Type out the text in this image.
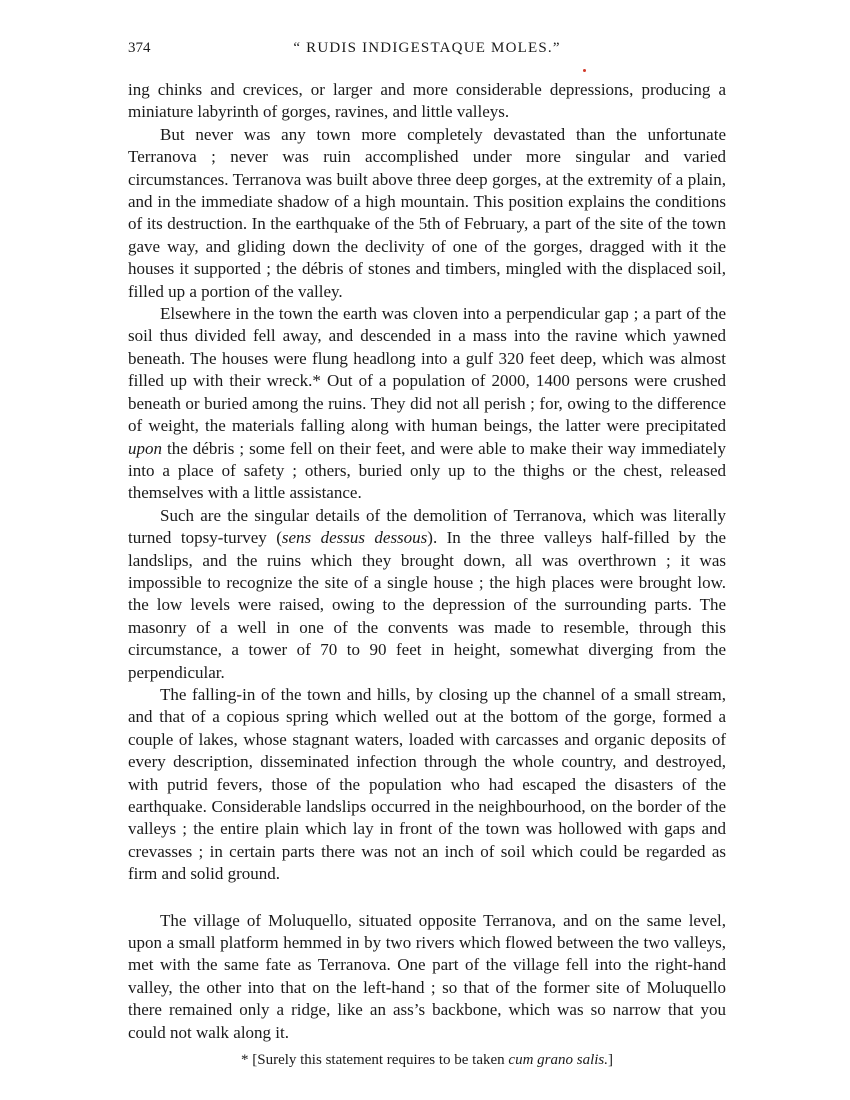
374	“ RUDIS INDIGESTAQUE MOLES.”

ing chinks and crevices, or larger and more considerable depressions, producing a miniature labyrinth of gorges, ravines, and little valleys.

But never was any town more completely devastated than the unfortunate Terranova ; never was ruin accomplished under more singular and varied circumstances. Terranova was built above three deep gorges, at the extremity of a plain, and in the immediate shadow of a high mountain. This position explains the conditions of its destruction. In the earthquake of the 5th of February, a part of the site of the town gave way, and gliding down the declivity of one of the gorges, dragged with it the houses it supported ; the débris of stones and timbers, mingled with the displaced soil, filled up a portion of the valley.

Elsewhere in the town the earth was cloven into a perpendicular gap ; a part of the soil thus divided fell away, and descended in a mass into the ravine which yawned beneath. The houses were flung headlong into a gulf 320 feet deep, which was almost filled up with their wreck.* Out of a population of 2000, 1400 persons were crushed beneath or buried among the ruins. They did not all perish ; for, owing to the difference of weight, the materials falling along with human beings, the latter were precipitated upon the débris ; some fell on their feet, and were able to make their way immediately into a place of safety ; others, buried only up to the thighs or the chest, released themselves with a little assistance.

Such are the singular details of the demolition of Terranova, which was literally turned topsy-turvey (sens dessus dessous). In the three valleys half-filled by the landslips, and the ruins which they brought down, all was overthrown ; it was impossible to recognize the site of a single house ; the high places were brought low. the low levels were raised, owing to the depression of the surrounding parts. The masonry of a well in one of the convents was made to resemble, through this circumstance, a tower of 70 to 90 feet in height, somewhat diverging from the perpendicular.

The falling-in of the town and hills, by closing up the channel of a small stream, and that of a copious spring which welled out at the bottom of the gorge, formed a couple of lakes, whose stagnant waters, loaded with carcasses and organic deposits of every description, disseminated infection through the whole country, and destroyed, with putrid fevers, those of the population who had escaped the disasters of the earthquake. Considerable landslips occurred in the neighbourhood, on the border of the valleys ; the entire plain which lay in front of the town was hollowed with gaps and crevasses ; in certain parts there was not an inch of soil which could be regarded as firm and solid ground.

The village of Moluquello, situated opposite Terranova, and on the same level, upon a small platform hemmed in by two rivers which flowed between the two valleys, met with the same fate as Terranova. One part of the village fell into the right-hand valley, the other into that on the left-hand ; so that of the former site of Moluquello there remained only a ridge, like an ass’s backbone, which was so narrow that you could not walk along it.

* [Surely this statement requires to be taken cum grano salis.]
